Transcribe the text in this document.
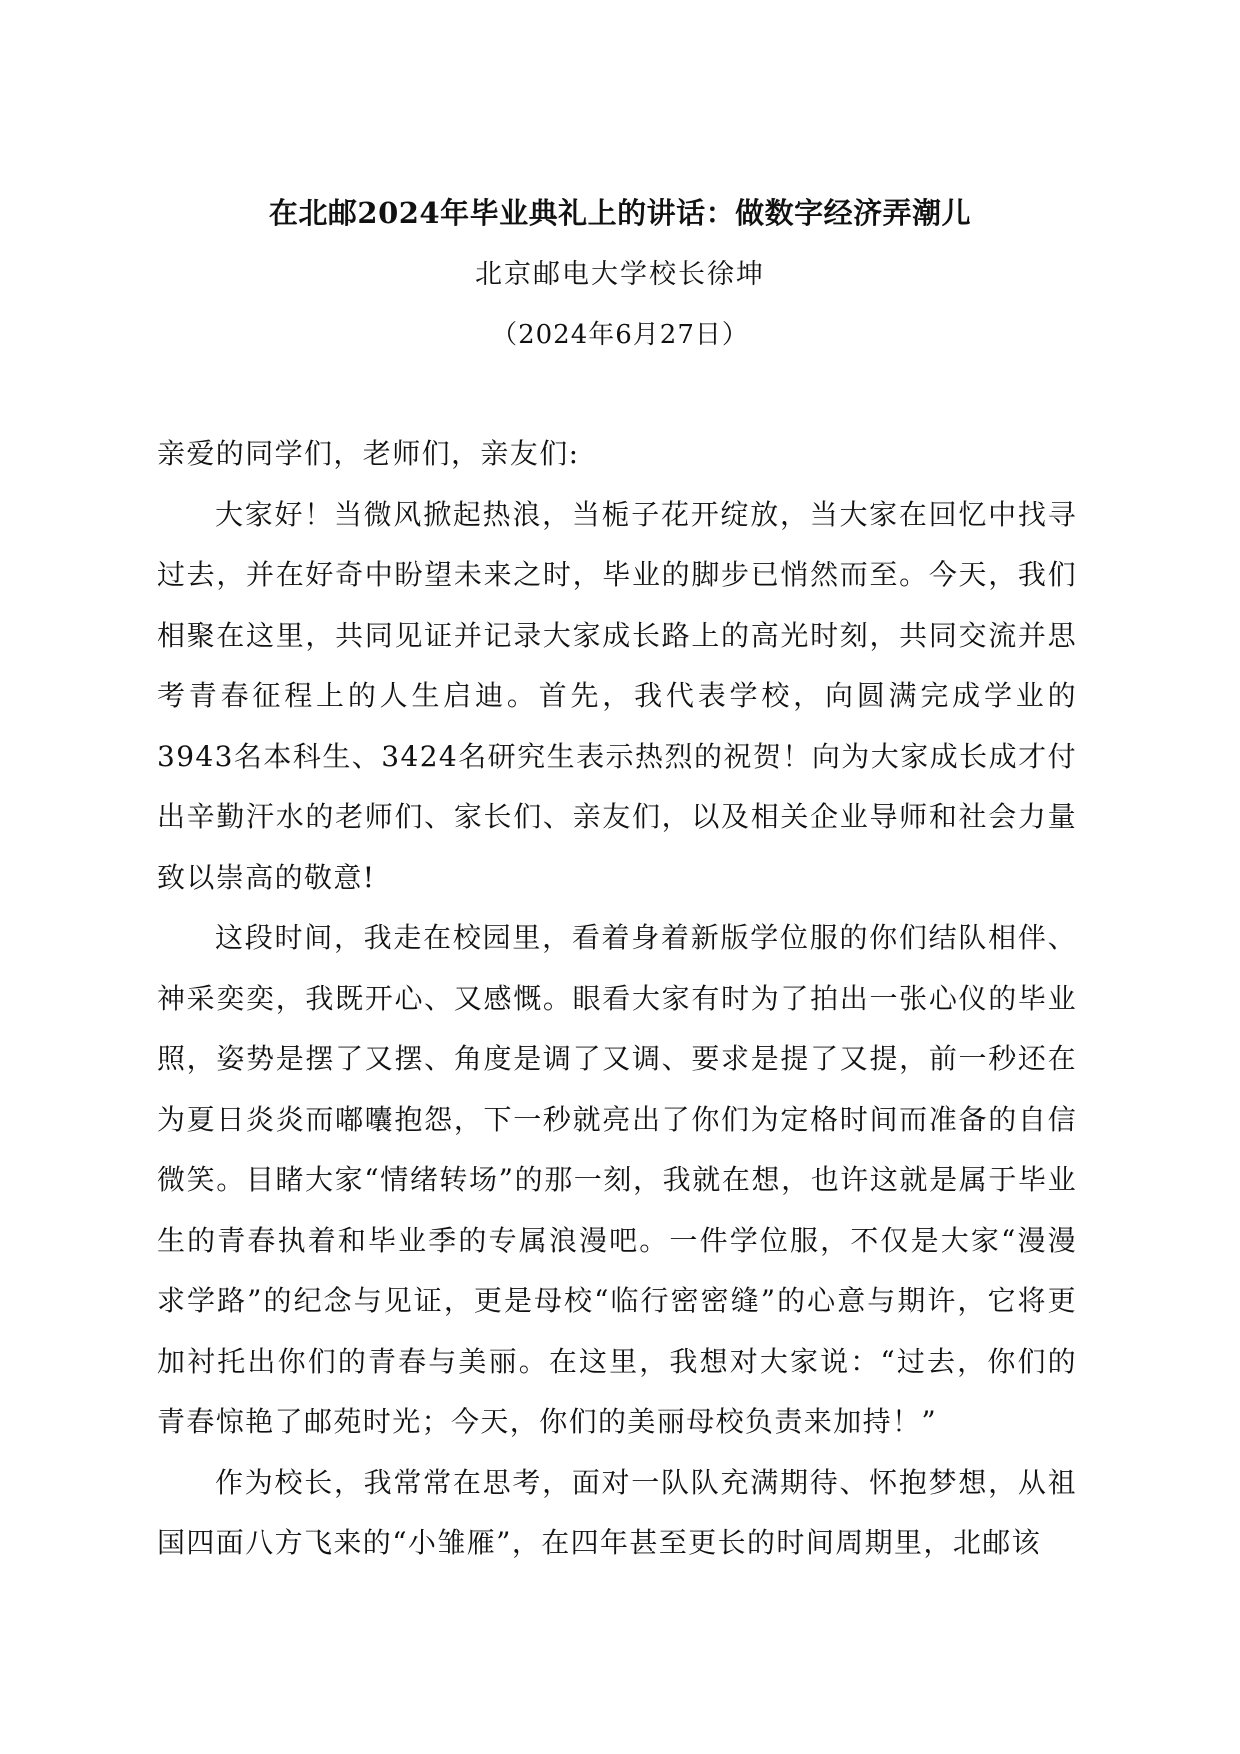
在北邮2024年毕业典礼上的讲话：做数字经济弄潮儿
北京邮电大学校长徐坤
（2024年6月27日）

亲爱的同学们，老师们，亲友们:

大家好！当微风掀起热浪，当栀子花开绽放，当大家在回忆中找寻过去，并在好奇中盼望未来之时，毕业的脚步已悄然而至。今天，我们相聚在这里，共同见证并记录大家成长路上的高光时刻，共同交流并思考青春征程上的人生启迪。首先，我代表学校，向圆满完成学业的3943名本科生、3424名研究生表示热烈的祝贺！向为大家成长成才付出辛勤汗水的老师们、家长们、亲友们，以及相关企业导师和社会力量致以崇高的敬意!

这段时间，我走在校园里，看着身着新版学位服的你们结队相伴、神采奕奕，我既开心、又感慨。眼看大家有时为了拍出一张心仪的毕业照，姿势是摆了又摆、角度是调了又调、要求是提了又提，前一秒还在为夏日炎炎而嘟囔抱怨，下一秒就亮出了你们为定格时间而准备的自信微笑。目睹大家“情绪转场”的那一刻，我就在想，也许这就是属于毕业生的青春执着和毕业季的专属浪漫吧。一件学位服，不仅是大家“漫漫求学路”的纪念与见证，更是母校“临行密密缝”的心意与期许，它将更加衬托出你们的青春与美丽。在这里，我想对大家说：“过去，你们的青春惊艳了邮苑时光；今天，你们的美丽母校负责来加持！”

作为校长，我常常在思考，面对一队队充满期待、怀抱梦想，从祖国四面八方飞来的“小雏雁”，在四年甚至更长的时间周期里，北邮该
